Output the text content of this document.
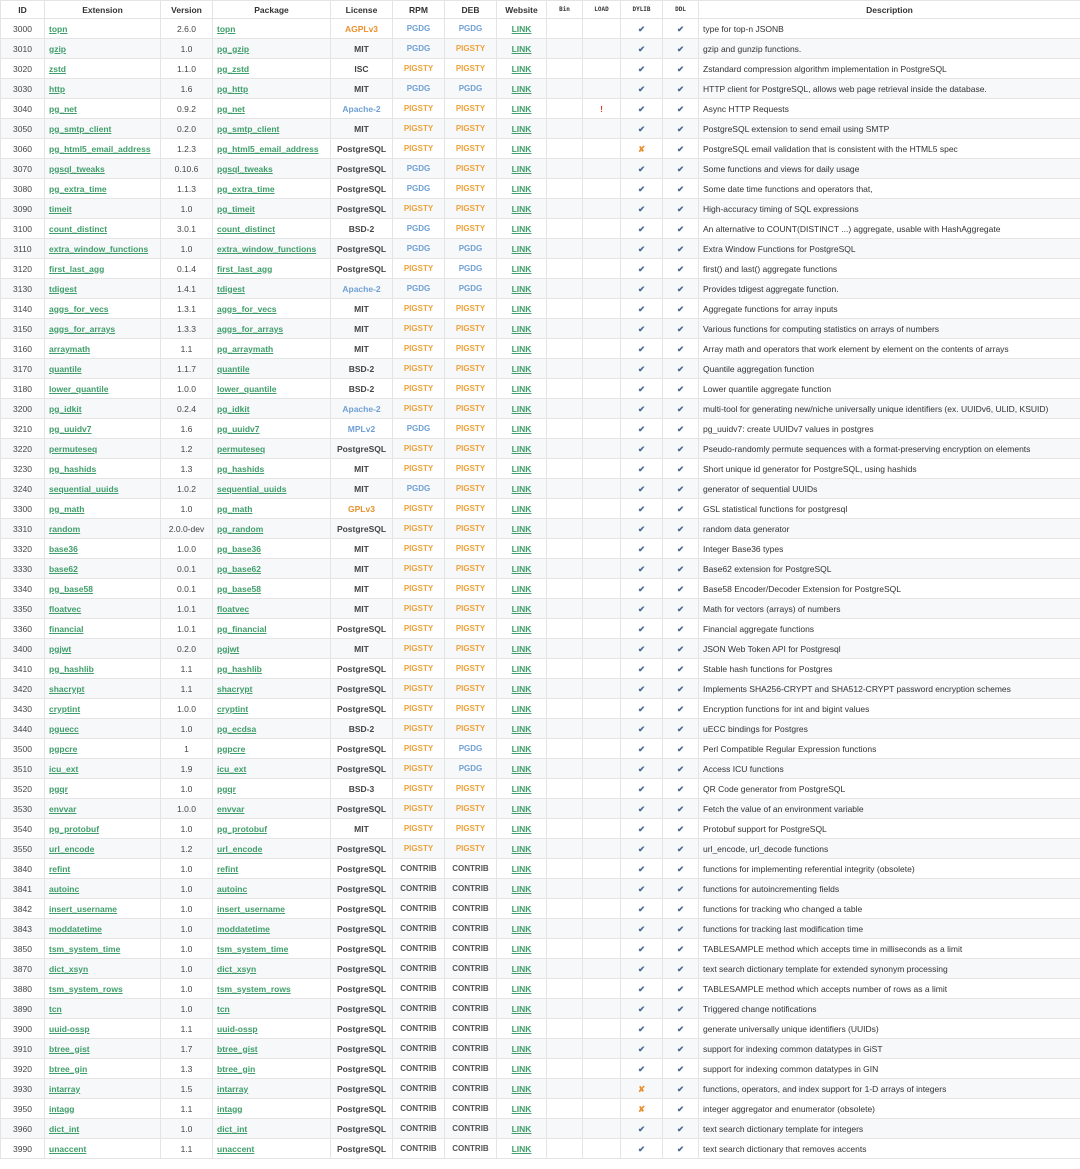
ID	Extension	Version	Package	License	RPM	DEB	Website	Bin	LOAD	DYLIB	DDL	Description
3000	topn	2.6.0	topn	AGPLv3	PGDG	PGDG	LINK			✔	✔	type for top-n JSONB
3010	gzip	1.0	pg_gzip	MIT	PGDG	PIGSTY	LINK			✔	✔	gzip and gunzip functions.
3020	zstd	1.1.0	pg_zstd	ISC	PIGSTY	PIGSTY	LINK			✔	✔	Zstandard compression algorithm implementation in PostgreSQL
3030	http	1.6	pg_http	MIT	PGDG	PGDG	LINK			✔	✔	HTTP client for PostgreSQL, allows web page retrieval inside the database.
3040	pg_net	0.9.2	pg_net	Apache-2	PIGSTY	PIGSTY	LINK		!	✔	✔	Async HTTP Requests
3050	pg_smtp_client	0.2.0	pg_smtp_client	MIT	PIGSTY	PIGSTY	LINK			✔	✔	PostgreSQL extension to send email using SMTP
3060	pg_html5_email_address	1.2.3	pg_html5_email_address	PostgreSQL	PIGSTY	PIGSTY	LINK			✘	✔	PostgreSQL email validation that is consistent with the HTML5 spec
3070	pgsql_tweaks	0.10.6	pgsql_tweaks	PostgreSQL	PGDG	PIGSTY	LINK			✔	✔	Some functions and views for daily usage
3080	pg_extra_time	1.1.3	pg_extra_time	PostgreSQL	PGDG	PIGSTY	LINK			✔	✔	Some date time functions and operators that,
3090	timeit	1.0	pg_timeit	PostgreSQL	PIGSTY	PIGSTY	LINK			✔	✔	High-accuracy timing of SQL expressions
3100	count_distinct	3.0.1	count_distinct	BSD-2	PGDG	PIGSTY	LINK			✔	✔	An alternative to COUNT(DISTINCT ...) aggregate, usable with HashAggregate
3110	extra_window_functions	1.0	extra_window_functions	PostgreSQL	PGDG	PGDG	LINK			✔	✔	Extra Window Functions for PostgreSQL
3120	first_last_agg	0.1.4	first_last_agg	PostgreSQL	PIGSTY	PGDG	LINK			✔	✔	first() and last() aggregate functions
3130	tdigest	1.4.1	tdigest	Apache-2	PGDG	PGDG	LINK			✔	✔	Provides tdigest aggregate function.
3140	aggs_for_vecs	1.3.1	aggs_for_vecs	MIT	PIGSTY	PIGSTY	LINK			✔	✔	Aggregate functions for array inputs
3150	aggs_for_arrays	1.3.3	aggs_for_arrays	MIT	PIGSTY	PIGSTY	LINK			✔	✔	Various functions for computing statistics on arrays of numbers
3160	arraymath	1.1	pg_arraymath	MIT	PIGSTY	PIGSTY	LINK			✔	✔	Array math and operators that work element by element on the contents of arrays
3170	quantile	1.1.7	quantile	BSD-2	PIGSTY	PIGSTY	LINK			✔	✔	Quantile aggregation function
3180	lower_quantile	1.0.0	lower_quantile	BSD-2	PIGSTY	PIGSTY	LINK			✔	✔	Lower quantile aggregate function
3200	pg_idkit	0.2.4	pg_idkit	Apache-2	PIGSTY	PIGSTY	LINK			✔	✔	multi-tool for generating new/niche universally unique identifiers (ex. UUIDv6, ULID, KSUID)
3210	pg_uuidv7	1.6	pg_uuidv7	MPLv2	PGDG	PIGSTY	LINK			✔	✔	pg_uuidv7: create UUIDv7 values in postgres
3220	permuteseq	1.2	permuteseq	PostgreSQL	PIGSTY	PIGSTY	LINK			✔	✔	Pseudo-randomly permute sequences with a format-preserving encryption on elements
3230	pg_hashids	1.3	pg_hashids	MIT	PIGSTY	PIGSTY	LINK			✔	✔	Short unique id generator for PostgreSQL, using hashids
3240	sequential_uuids	1.0.2	sequential_uuids	MIT	PGDG	PIGSTY	LINK			✔	✔	generator of sequential UUIDs
3300	pg_math	1.0	pg_math	GPLv3	PIGSTY	PIGSTY	LINK			✔	✔	GSL statistical functions for postgresql
3310	random	2.0.0-dev	pg_random	PostgreSQL	PIGSTY	PIGSTY	LINK			✔	✔	random data generator
3320	base36	1.0.0	pg_base36	MIT	PIGSTY	PIGSTY	LINK			✔	✔	Integer Base36 types
3330	base62	0.0.1	pg_base62	MIT	PIGSTY	PIGSTY	LINK			✔	✔	Base62 extension for PostgreSQL
3340	pg_base58	0.0.1	pg_base58	MIT	PIGSTY	PIGSTY	LINK			✔	✔	Base58 Encoder/Decoder Extension for PostgreSQL
3350	floatvec	1.0.1	floatvec	MIT	PIGSTY	PIGSTY	LINK			✔	✔	Math for vectors (arrays) of numbers
3360	financial	1.0.1	pg_financial	PostgreSQL	PIGSTY	PIGSTY	LINK			✔	✔	Financial aggregate functions
3400	pgjwt	0.2.0	pgjwt	MIT	PIGSTY	PIGSTY	LINK			✔	✔	JSON Web Token API for Postgresql
3410	pg_hashlib	1.1	pg_hashlib	PostgreSQL	PIGSTY	PIGSTY	LINK			✔	✔	Stable hash functions for Postgres
3420	shacrypt	1.1	shacrypt	PostgreSQL	PIGSTY	PIGSTY	LINK			✔	✔	Implements SHA256-CRYPT and SHA512-CRYPT password encryption schemes
3430	cryptint	1.0.0	cryptint	PostgreSQL	PIGSTY	PIGSTY	LINK			✔	✔	Encryption functions for int and bigint values
3440	pguecc	1.0	pg_ecdsa	BSD-2	PIGSTY	PIGSTY	LINK			✔	✔	uECC bindings for Postgres
3500	pgpcre	1	pgpcre	PostgreSQL	PIGSTY	PGDG	LINK			✔	✔	Perl Compatible Regular Expression functions
3510	icu_ext	1.9	icu_ext	PostgreSQL	PIGSTY	PGDG	LINK			✔	✔	Access ICU functions
3520	pgqr	1.0	pgqr	BSD-3	PIGSTY	PIGSTY	LINK			✔	✔	QR Code generator from PostgreSQL
3530	envvar	1.0.0	envvar	PostgreSQL	PIGSTY	PIGSTY	LINK			✔	✔	Fetch the value of an environment variable
3540	pg_protobuf	1.0	pg_protobuf	MIT	PIGSTY	PIGSTY	LINK			✔	✔	Protobuf support for PostgreSQL
3550	url_encode	1.2	url_encode	PostgreSQL	PIGSTY	PIGSTY	LINK			✔	✔	url_encode, url_decode functions
3840	refint	1.0	refint	PostgreSQL	CONTRIB	CONTRIB	LINK			✔	✔	functions for implementing referential integrity (obsolete)
3841	autoinc	1.0	autoinc	PostgreSQL	CONTRIB	CONTRIB	LINK			✔	✔	functions for autoincrementing fields
3842	insert_username	1.0	insert_username	PostgreSQL	CONTRIB	CONTRIB	LINK			✔	✔	functions for tracking who changed a table
3843	moddatetime	1.0	moddatetime	PostgreSQL	CONTRIB	CONTRIB	LINK			✔	✔	functions for tracking last modification time
3850	tsm_system_time	1.0	tsm_system_time	PostgreSQL	CONTRIB	CONTRIB	LINK			✔	✔	TABLESAMPLE method which accepts time in milliseconds as a limit
3870	dict_xsyn	1.0	dict_xsyn	PostgreSQL	CONTRIB	CONTRIB	LINK			✔	✔	text search dictionary template for extended synonym processing
3880	tsm_system_rows	1.0	tsm_system_rows	PostgreSQL	CONTRIB	CONTRIB	LINK			✔	✔	TABLESAMPLE method which accepts number of rows as a limit
3890	tcn	1.0	tcn	PostgreSQL	CONTRIB	CONTRIB	LINK			✔	✔	Triggered change notifications
3900	uuid-ossp	1.1	uuid-ossp	PostgreSQL	CONTRIB	CONTRIB	LINK			✔	✔	generate universally unique identifiers (UUIDs)
3910	btree_gist	1.7	btree_gist	PostgreSQL	CONTRIB	CONTRIB	LINK			✔	✔	support for indexing common datatypes in GiST
3920	btree_gin	1.3	btree_gin	PostgreSQL	CONTRIB	CONTRIB	LINK			✔	✔	support for indexing common datatypes in GIN
3930	intarray	1.5	intarray	PostgreSQL	CONTRIB	CONTRIB	LINK			✘	✔	functions, operators, and index support for 1-D arrays of integers
3950	intagg	1.1	intagg	PostgreSQL	CONTRIB	CONTRIB	LINK			✘	✔	integer aggregator and enumerator (obsolete)
3960	dict_int	1.0	dict_int	PostgreSQL	CONTRIB	CONTRIB	LINK			✔	✔	text search dictionary template for integers
3990	unaccent	1.1	unaccent	PostgreSQL	CONTRIB	CONTRIB	LINK			✔	✔	text search dictionary that removes accents
